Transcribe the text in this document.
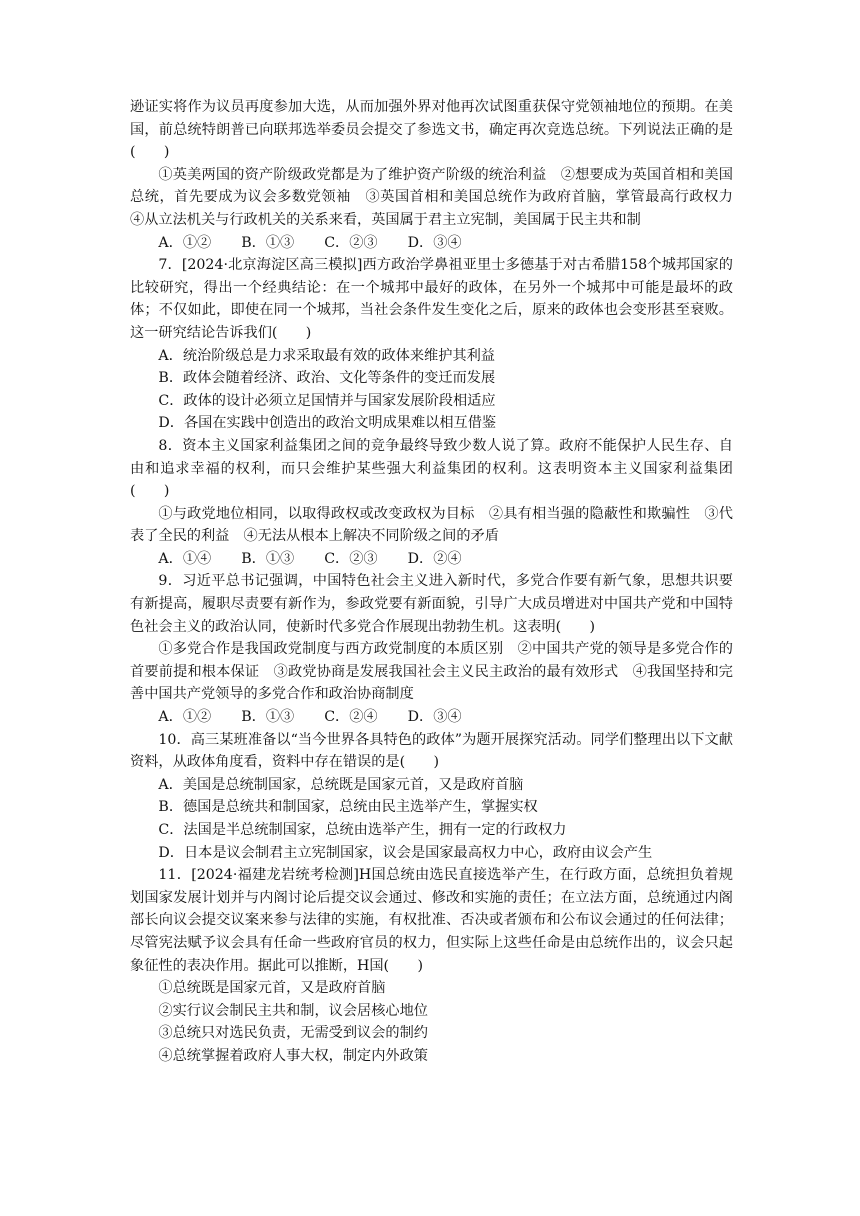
逊证实将作为议员再度参加大选，从而加强外界对他再次试图重获保守党领袖地位的预期。在美国，前总统特朗普已向联邦选举委员会提交了参选文书，确定再次竞选总统。下列说法正确的是(　　)

①英美两国的资产阶级政党都是为了维护资产阶级的统治利益　②想要成为英国首相和美国总统，首先要成为议会多数党领袖　③英国首相和美国总统作为政府首脑，掌管最高行政权力　④从立法机关与行政机关的关系来看，英国属于君主立宪制，美国属于民主共和制

A．①② B．①③ C．②③ D．③④

7．[2024·北京海淀区高三模拟]西方政治学鼻祖亚里士多德基于对古希腊158个城邦国家的比较研究，得出一个经典结论：在一个城邦中最好的政体，在另外一个城邦中可能是最坏的政体；不仅如此，即使在同一个城邦，当社会条件发生变化之后，原来的政体也会变形甚至衰败。这一研究结论告诉我们(　　)

A．统治阶级总是力求采取最有效的政体来维护其利益

B．政体会随着经济、政治、文化等条件的变迁而发展

C．政体的设计必须立足国情并与国家发展阶段相适应

D．各国在实践中创造出的政治文明成果难以相互借鉴

8．资本主义国家利益集团之间的竞争最终导致少数人说了算。政府不能保护人民生存、自由和追求幸福的权利，而只会维护某些强大利益集团的权利。这表明资本主义国家利益集团(　　)

①与政党地位相同，以取得政权或改变政权为目标　②具有相当强的隐蔽性和欺骗性　③代表了全民的利益　④无法从根本上解决不同阶级之间的矛盾

A．①④ B．①③ C．②③ D．②④

9．习近平总书记强调，中国特色社会主义进入新时代，多党合作要有新气象，思想共识要有新提高，履职尽责要有新作为，参政党要有新面貌，引导广大成员增进对中国共产党和中国特色社会主义的政治认同，使新时代多党合作展现出勃勃生机。这表明(　　)

①多党合作是我国政党制度与西方政党制度的本质区别　②中国共产党的领导是多党合作的首要前提和根本保证　③政党协商是发展我国社会主义民主政治的最有效形式　④我国坚持和完善中国共产党领导的多党合作和政治协商制度

A．①② B．①③ C．②④ D．③④

10．高三某班准备以“当今世界各具特色的政体”为题开展探究活动。同学们整理出以下文献资料，从政体角度看，资料中存在错误的是(　　)

A．美国是总统制国家，总统既是国家元首，又是政府首脑

B．德国是总统共和制国家，总统由民主选举产生，掌握实权

C．法国是半总统制国家，总统由选举产生，拥有一定的行政权力

D．日本是议会制君主立宪制国家，议会是国家最高权力中心，政府由议会产生

11．[2024·福建龙岩统考检测]H国总统由选民直接选举产生，在行政方面，总统担负着规划国家发展计划并与内阁讨论后提交议会通过、修改和实施的责任；在立法方面，总统通过内阁部长向议会提交议案来参与法律的实施，有权批准、否决或者颁布和公布议会通过的任何法律；尽管宪法赋予议会具有任命一些政府官员的权力，但实际上这些任命是由总统作出的，议会只起象征性的表决作用。据此可以推断，H国(　　)

①总统既是国家元首，又是政府首脑

②实行议会制民主共和制，议会居核心地位

③总统只对选民负责，无需受到议会的制约

④总统掌握着政府人事大权，制定内外政策
